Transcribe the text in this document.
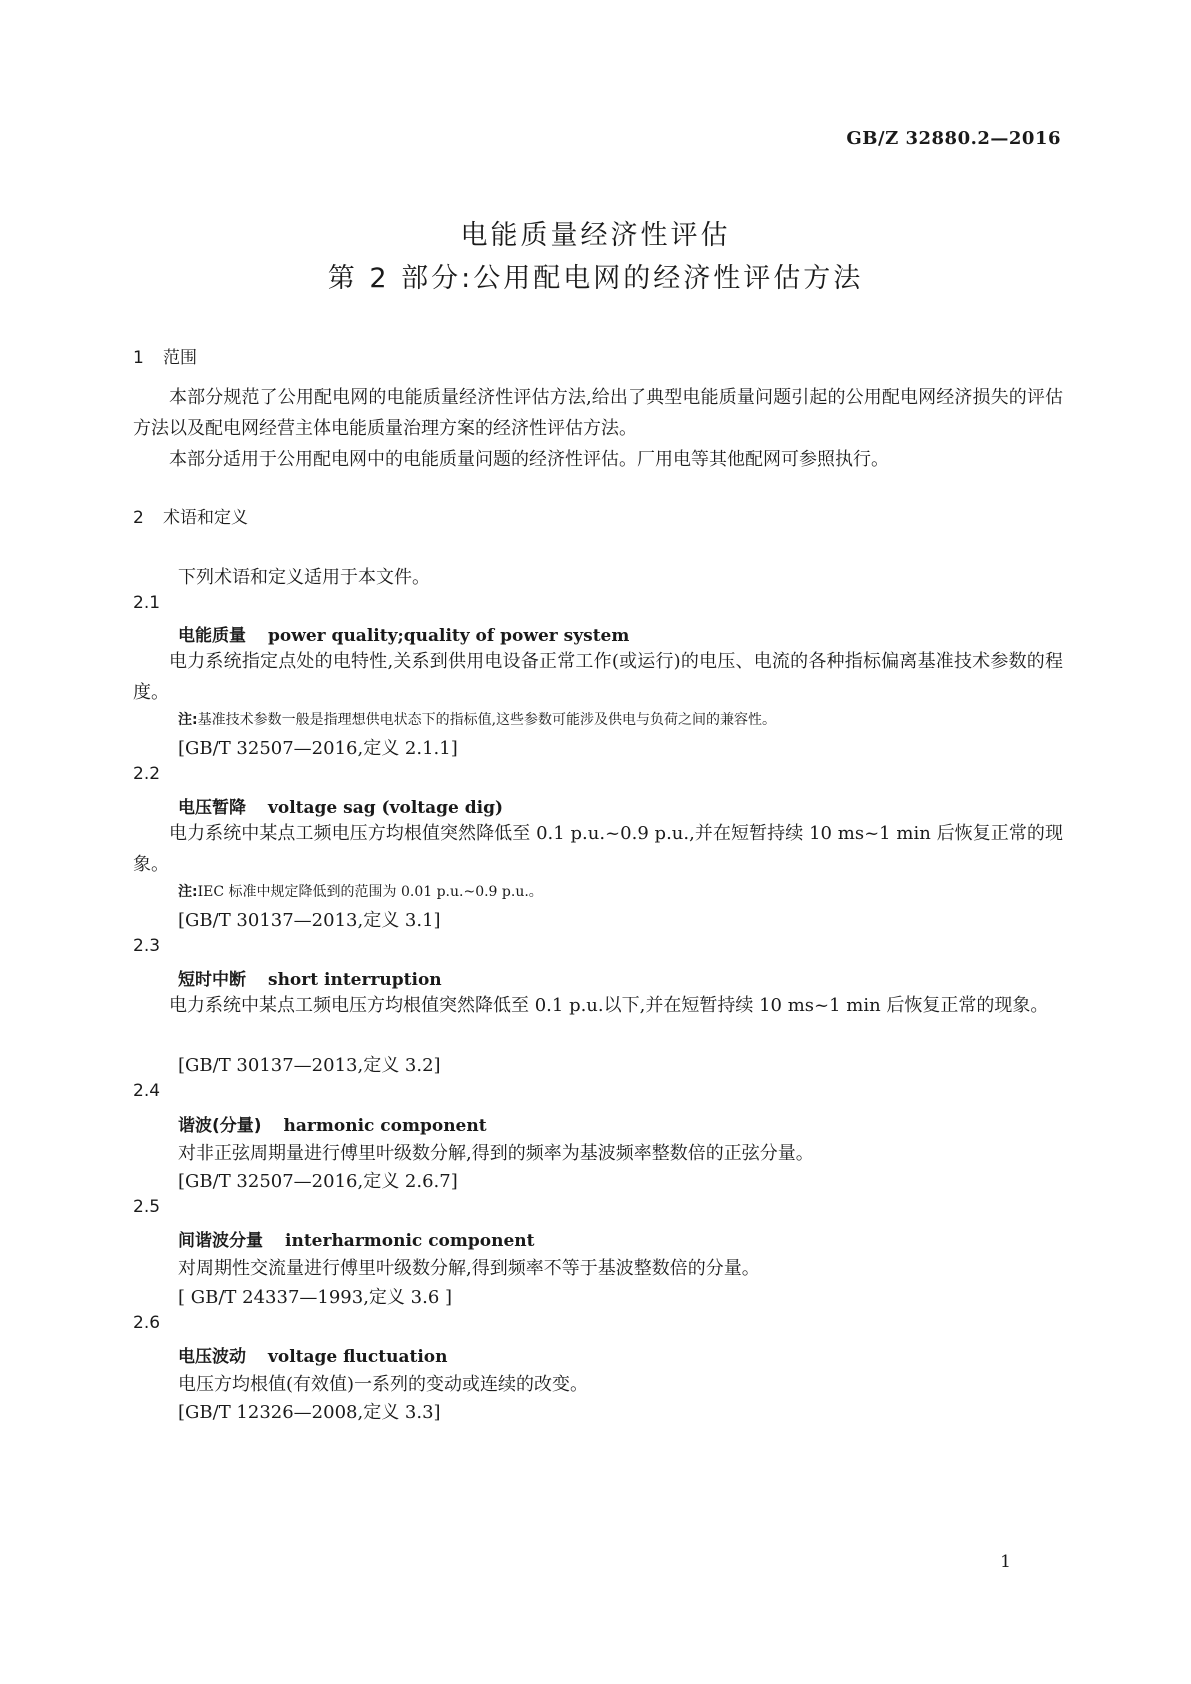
GB/Z 32880.2—2016
电能质量经济性评估
第 2 部分:公用配电网的经济性评估方法
1 范围
本部分规范了公用配电网的电能质量经济性评估方法,给出了典型电能质量问题引起的公用配电网经济损失的评估方法以及配电网经营主体电能质量治理方案的经济性评估方法。
本部分适用于公用配电网中的电能质量问题的经济性评估。厂用电等其他配网可参照执行。
2 术语和定义
下列术语和定义适用于本文件。
2.1
电能质量 power quality;quality of power system
电力系统指定点处的电特性,关系到供用电设备正常工作(或运行)的电压、电流的各种指标偏离基准技术参数的程度。
注:基准技术参数一般是指理想供电状态下的指标值,这些参数可能涉及供电与负荷之间的兼容性。
[GB/T 32507—2016,定义 2.1.1]
2.2
电压暂降 voltage sag (voltage dig)
电力系统中某点工频电压方均根值突然降低至 0.1 p.u.~0.9 p.u.,并在短暂持续 10 ms~1 min 后恢复正常的现象。
注:IEC 标准中规定降低到的范围为 0.01 p.u.~0.9 p.u.。
[GB/T 30137—2013,定义 3.1]
2.3
短时中断 short interruption
电力系统中某点工频电压方均根值突然降低至 0.1 p.u.以下,并在短暂持续 10 ms~1 min 后恢复正常的现象。
[GB/T 30137—2013,定义 3.2]
2.4
谐波(分量) harmonic component
对非正弦周期量进行傅里叶级数分解,得到的频率为基波频率整数倍的正弦分量。
[GB/T 32507—2016,定义 2.6.7]
2.5
间谐波分量 interharmonic component
对周期性交流量进行傅里叶级数分解,得到频率不等于基波整数倍的分量。
[ GB/T 24337—1993,定义 3.6 ]
2.6
电压波动 voltage fluctuation
电压方均根值(有效值)一系列的变动或连续的改变。
[GB/T 12326—2008,定义 3.3]
1
